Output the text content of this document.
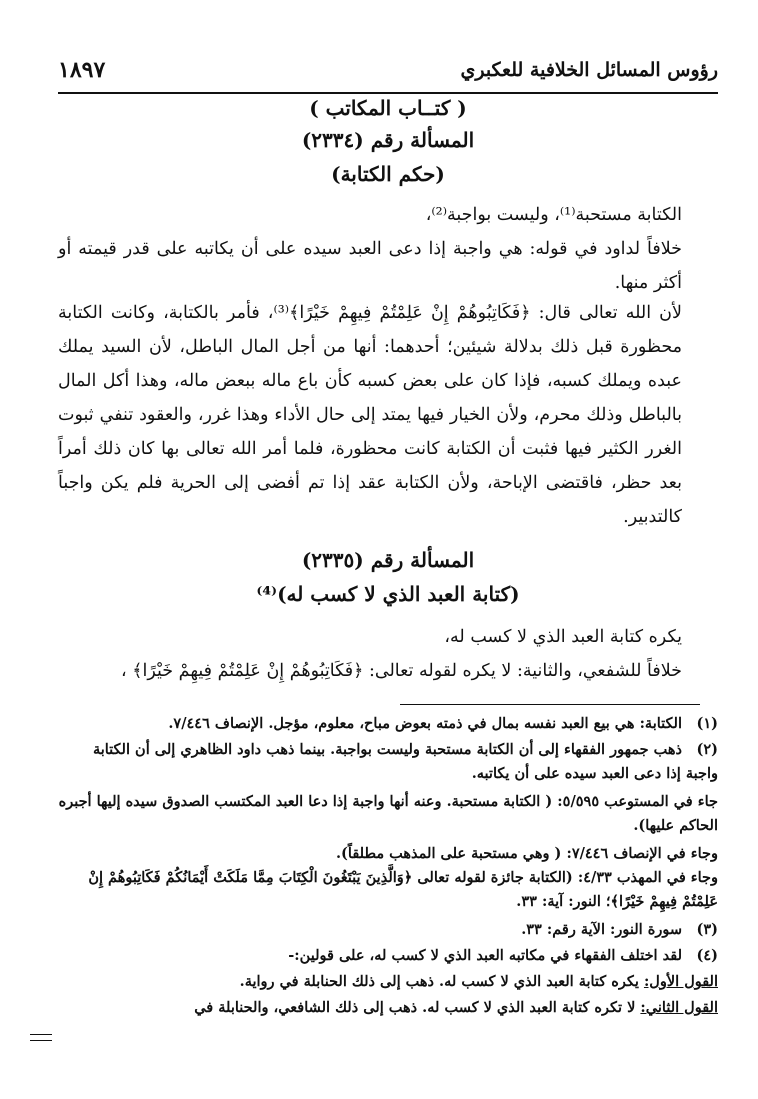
رؤوس المسائل الخلافية للعكبري
١٨٩٧
( كتــاب المكاتب )
المسألة رقم (٢٣٣٤)
(حكم الكتابة)

الكتابة مستحبة⁽¹⁾، وليست بواجبة⁽²⁾،

خلافاً لداود في قوله: هي واجبة إذا دعى العبد سيده على أن يكاتبه على قدر قيمته أو أكثر منها.

لأن الله تعالى قال: ﴿فَكَاتِبُوهُمْ إِنْ عَلِمْتُمْ فِيهِمْ خَيْرًا﴾⁽³⁾، فأمر بالكتابة، وكانت الكتابة محظورة قبل ذلك بدلالة شيئين؛ أحدهما: أنها من أجل المال الباطل، لأن السيد يملك عبده ويملك كسبه، فإذا كان على بعض كسبه كأن باع ماله ببعض ماله، وهذا أكل المال بالباطل وذلك محرم، ولأن الخيار فيها يمتد إلى حال الأداء وهذا غرر، والعقود تنفي ثبوت الغرر الكثير فيها فثبت أن الكتابة كانت محظورة، فلما أمر الله تعالى بها كان ذلك أمراً بعد حظر، فاقتضى الإباحة، ولأن الكتابة عقد إذا تم أفضى إلى الحرية فلم يكن واجباً كالتدبير.

المسألة رقم (٢٣٣٥)
(كتابة العبد الذي لا كسب له)⁽⁴⁾

يكره كتابة العبد الذي لا كسب له،

خلافاً للشفعي، والثانية: لا يكره لقوله تعالى: ﴿فَكَاتِبُوهُمْ إِنْ عَلِمْتُمْ فِيهِمْ خَيْرًا﴾ ،

(١)الكتابة: هي بيع العبد نفسه بمال في ذمته بعوض مباح، معلوم، مؤجل. الإنصاف ٧/٤٤٦.

(٢)ذهب جمهور الفقهاء إلى أن الكتابة مستحبة وليست بواجبة. بينما ذهب داود الظاهري إلى أن الكتابة واجبة إذا دعى العبد سيده على أن يكاتبه.

جاء في المستوعب ٥/٥٩٥: ( الكتابة مستحبة. وعنه أنها واجبة إذا دعا العبد المكتسب الصدوق سيده إليها أجبره الحاكم عليها).

وجاء في الإنصاف ٧/٤٤٦: ( وهي مستحبة على المذهب مطلقاً).

وجاء في المهذب ٤/٣٣: (الكتابة جائزة لقوله تعالى ﴿وَالَّذِينَ يَبْتَغُونَ الْكِتَابَ مِمَّا مَلَكَتْ أَيْمَانُكُمْ فَكَاتِبُوهُمْ إِنْ عَلِمْتُمْ فِيهِمْ خَيْرًا﴾؛ النور: آية: ٣٣.

(٣)سورة النور: الآية رقم: ٣٣.

(٤)لقد اختلف الفقهاء في مكاتبه العبد الذي لا كسب له، على قولين:-

القول الأول: يكره كتابة العبد الذي لا كسب له. ذهب إلى ذلك الحنابلة في رواية.

القول الثاني: لا تكره كتابة العبد الذي لا كسب له. ذهب إلى ذلك الشافعي، والحنابلة في
